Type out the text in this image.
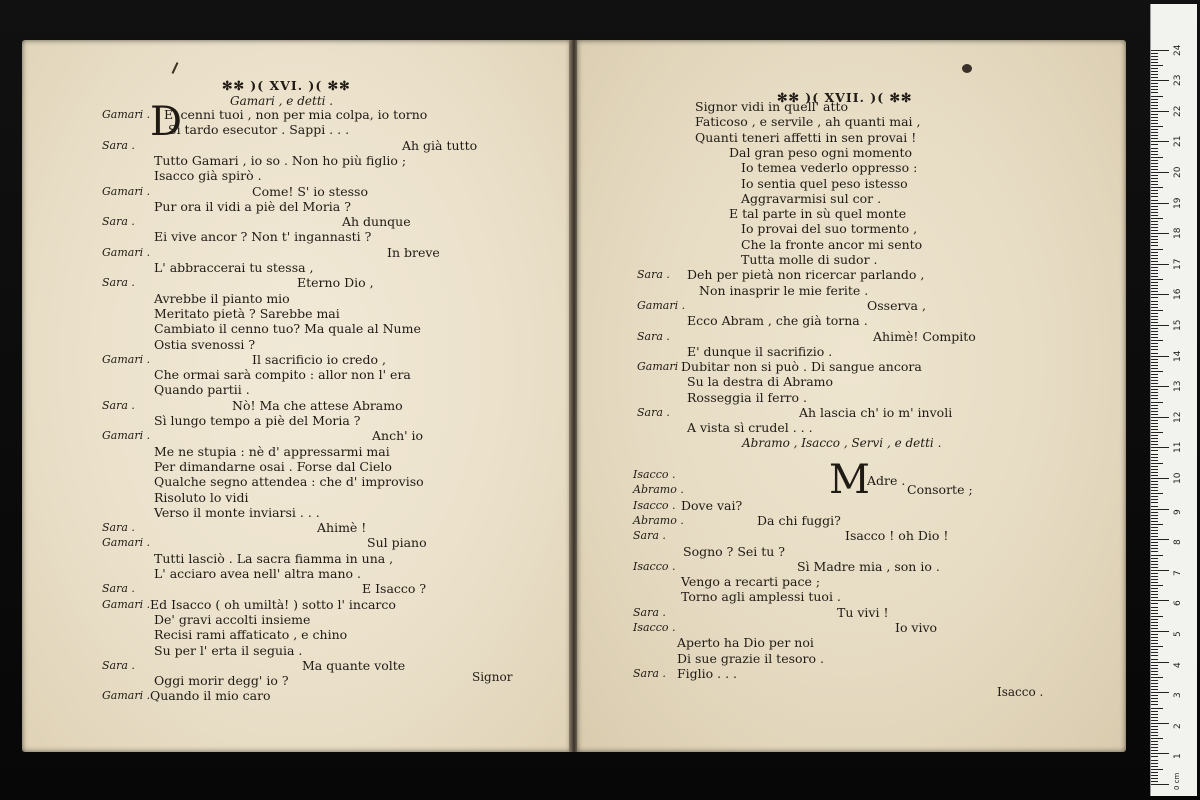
✻✻ )( XVI. )( ✻✻
Gamari , e detti .
D
Gamari . E' cenni tuoi , non per mia colpa, io torno
Si tardo esecutor . Sappi . . .
Sara .	Ah già tutto
Tutto Gamari , io so . Non ho più figlio ;
Isacco già spirò .
Gamari .	Come! S' io stesso
Pur ora il vidi a piè del Moria ?
Sara .	Ah dunque
Ei vive ancor ? Non t' ingannasti ?
Gamari .	In breve
L' abbraccerai tu stessa ,
Sara .	Eterno Dio ,
Avrebbe il pianto mio
Meritato pietà ? Sarebbe mai
Cambiato il cenno tuo? Ma quale al Nume
Ostia svenossi ?
Gamari .	Il sacrificio io credo ,
Che ormai sarà compito : allor non l' era
Quando partii .
Sara .	Nò! Ma che attese Abramo
Sì lungo tempo a piè del Moria ?
Gamari .	Anch' io
Me ne stupia : nè d' appressarmi mai
Per dimandarne osai . Forse dal Cielo
Qualche segno attendea : che d' improviso
Risoluto lo vidi
Verso il monte inviarsi . . .
Sara .	Ahimè !
Gamari .	Sul piano
Tutti lasciò . La sacra fiamma in una ,
L' acciaro avea nell' altra mano .
Sara .	E Isacco ?
Gamari . Ed Isacco ( oh umiltà! ) sotto l' incarco
De' gravi accolti insieme
Recisi rami affaticato , e chino
Su per l' erta il seguia .
Sara .	Ma quante volte
Oggi morir degg' io ?
Gamari . Quando il mio caro
Signor
✻✻ )( XVII. )( ✻✻
Signor vidi in quell' atto
Faticoso , e servile , ah quanti mai ,
Quanti teneri affetti in sen provai !
Dal gran peso ogni momento
Io temea vederlo oppresso :
Io sentia quel peso istesso
Aggravarmisi sul cor .
E tal parte in sù quel monte
Io provai del suo tormento ,
Che la fronte ancor mi sento
Tutta molle di sudor .
Sara . Deh per pietà non ricercar parlando ,
Non inasprir le mie ferite .
Gamari .	Osserva ,
Ecco Abram , che già torna .
Sara .	Ahimè! Compito
E' dunque il sacrifizio .
Gamari .
Dubitar non si può . Di sangue ancora
Su la destra di Abramo
Rosseggia il ferro .
Sara .	Ah lascia ch' io m' involi
A vista sì crudel . . .
Abramo , Isacco , Servi , e detti .
M
Adre .
Isacco .
Abramo .	Consorte ;
Isacco . Dove vai?
Abramo .	Da chi fuggi?
Sara .	Isacco ! oh Dio !
Sogno ? Sei tu ?
Isacco .	Sì Madre mia , son io .
Vengo a recarti pace ;
Torno agli amplessi tuoi .
Sara .	Tu vivi !
Isacco .	Io vivo
Aperto ha Dio per noi
Di sue grazie il tesoro .
Sara . Figlio . . .
Isacco .
0 cm
1
2
3
4
5
6
7
8
9
10
11
12
13
14
15
16
17
18
19
20
21
22
23
24
